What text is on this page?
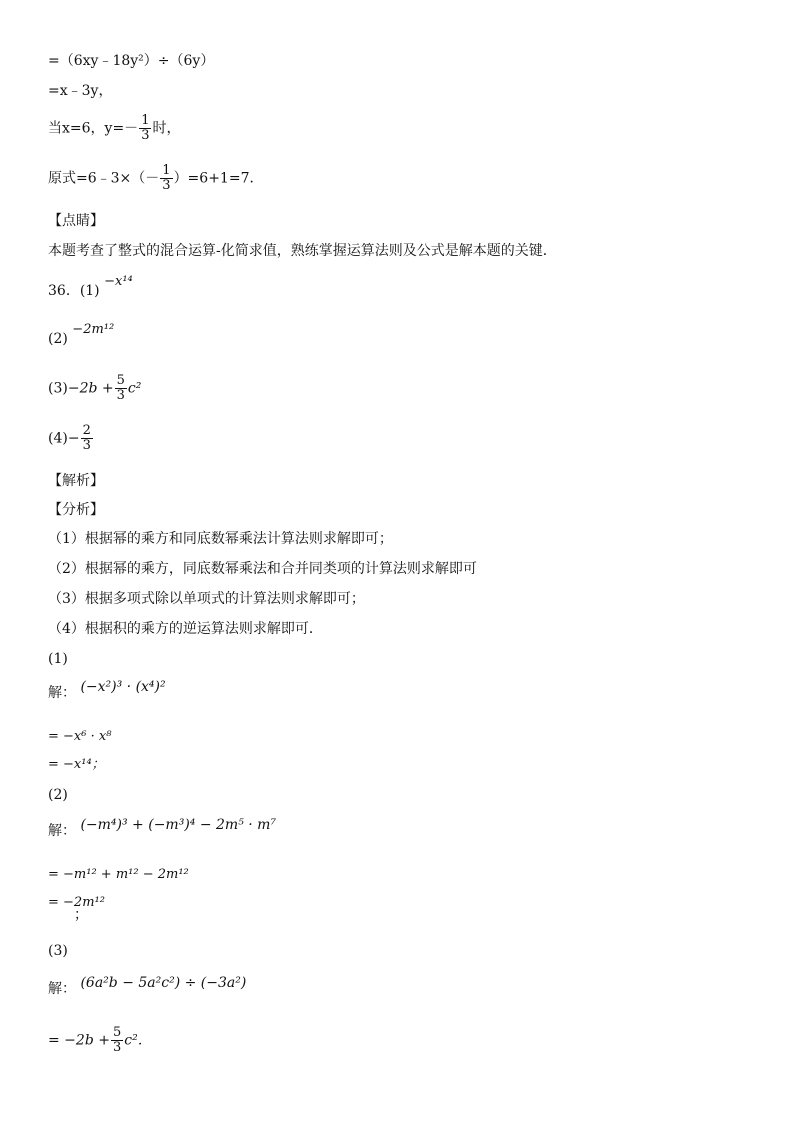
=（6xy﹣18y²）÷（6y）
=x﹣3y，
当x=6，$y=- \frac{1}{3}$ 时，
原式=6﹣3×（－ $\frac{1}{3} )=6+1=7$．
【点睛】
本题考查了整式的混合运算-化简求值，熟练掌握运算法则及公式是解本题的关键．
36．(1) −x¹⁴
(2) −2m¹²
$(3)-2b + \frac{5}{3} c^2$
$(4)- \frac{2}{3}$
【解析】
【分析】
（1）根据幂的乘方和同底数幂乘法计算法则求解即可；
（2）根据幂的乘方，同底数幂乘法和合并同类项的计算法则求解即可
（3）根据多项式除以单项式的计算法则求解即可；
（4）根据积的乘方的逆运算法则求解即可．
(1)
解： (−x²)³ · (x⁴)²
= −x⁶ · x⁸
= −x¹⁴；
(2)
解： (−m⁴)³ + (−m³)⁴ − 2m⁵ · m⁷
= −m¹² + m¹² − 2m¹²
= −2m¹²
；
(3)
解： (6a²b − 5a²c²) ÷ (−3a²)
= $-2b + \frac{5}{3} c^2$．
